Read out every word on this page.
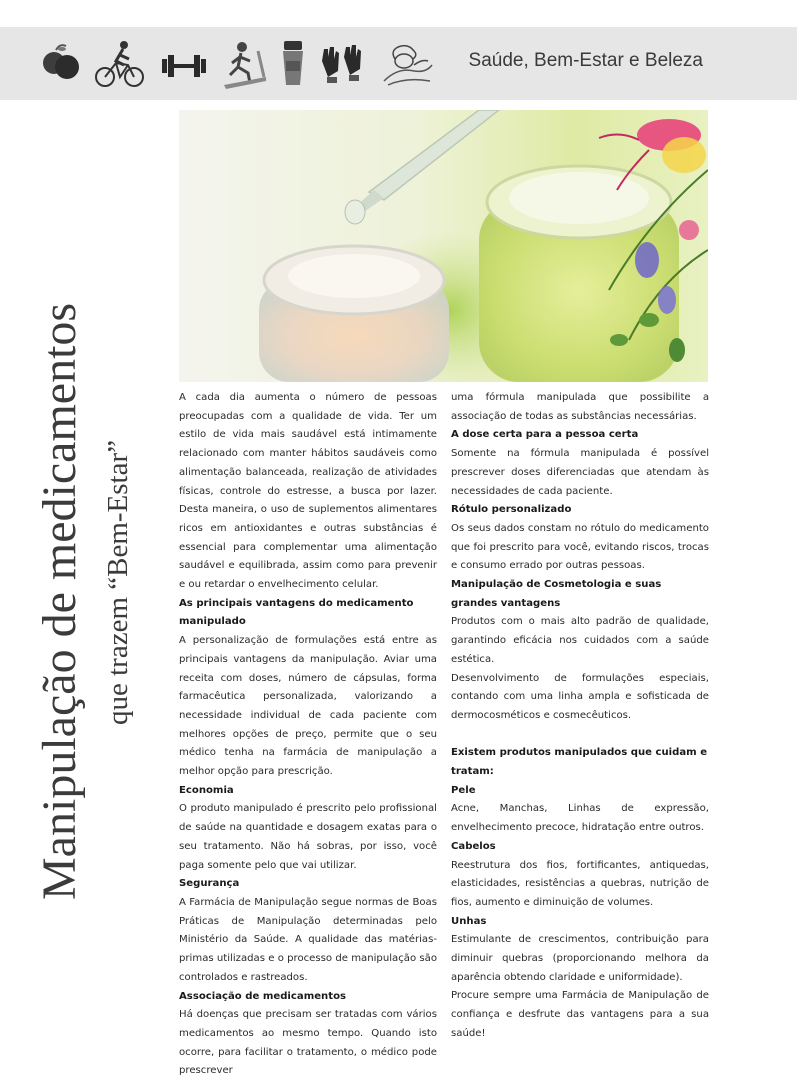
Saúde, Bem-Estar e Beleza
Manipulação de medicamentos que trazem “Bem-Estar”

A cada dia aumenta o número de pessoas preocupadas com a qualidade de vida. Ter um estilo de vida mais saudável está intimamente relacionado com manter hábitos saudáveis como alimentação balanceada, realização de atividades físicas, controle do estresse, a busca por lazer. Desta maneira, o uso de suplementos alimentares ricos em antioxidantes e outras substâncias é essencial para complementar uma alimentação saudável e equilibrada, assim como para prevenir e ou retardar o envelhecimento celular.

As principais vantagens do medicamento manipulado

A personalização de formulações está entre as principais vantagens da manipulação. Aviar uma receita com doses, número de cápsulas, forma farmacêutica personalizada, valorizando a necessidade individual de cada paciente com melhores opções de preço, permite que o seu médico tenha na farmácia de manipulação a melhor opção para prescrição.

Economia

O produto manipulado é prescrito pelo profissional de saúde na quantidade e dosagem exatas para o seu tratamento. Não há sobras, por isso, você paga somente pelo que vai utilizar.

Segurança

A Farmácia de Manipulação segue normas de Boas Práticas de Manipulação determinadas pelo Ministério da Saúde. A qualidade das matérias-primas utilizadas e o processo de manipulação são controlados e rastreados.

Associação de medicamentos

Há doenças que precisam ser tratadas com vários medicamentos ao mesmo tempo. Quando isto ocorre, para facilitar o tratamento, o médico pode prescrever

uma fórmula manipulada que possibilite a associação de todas as substâncias necessárias.

A dose certa para a pessoa certa

Somente na fórmula manipulada é possível prescrever doses diferenciadas que atendam às necessidades de cada paciente.

Rótulo personalizado

Os seus dados constam no rótulo do medicamento que foi prescrito para você, evitando riscos, trocas e consumo errado por outras pessoas.

Manipulação de Cosmetologia e suas grandes vantagens

Produtos com o mais alto padrão de qualidade, garantindo eficácia nos cuidados com a saúde estética.

Desenvolvimento de formulações especiais, contando com uma linha ampla e sofisticada de dermocosméticos e cosmecêuticos.

Existem produtos manipulados que cuidam e tratam:
Pele

Acne, Manchas, Linhas de expressão, envelhecimento precoce, hidratação entre outros.

Cabelos

Reestrutura dos fios, fortificantes, antiquedas, elasticidades, resistências a quebras, nutrição de fios, aumento e diminuição de volumes.

Unhas

Estimulante de crescimentos, contribuição para diminuir quebras (proporcionando melhora da aparência obtendo claridade e uniformidade).

Procure sempre uma Farmácia de Manipulação de confiança e desfrute das vantagens para a sua saúde!
